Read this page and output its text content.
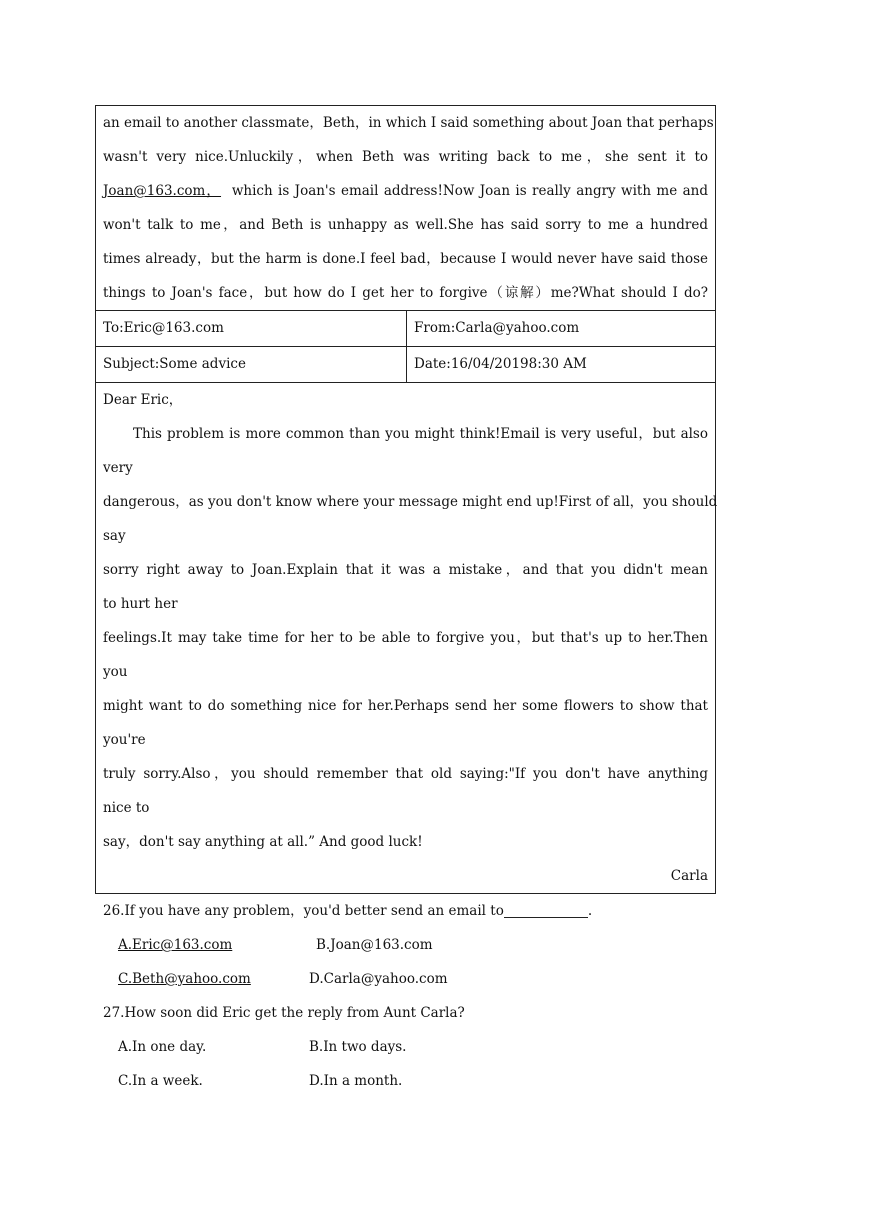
an email to another classmate，Beth，in which I said something about Joan that perhaps
wasn't very nice.Unluckily，when Beth was writing back to me，she sent it to
Joan@163.com， which is Joan's email address!Now Joan is really angry with me and
won't talk to me，and Beth is unhappy as well.She has said sorry to me a hundred
times already，but the harm is done.I feel bad，because I would never have said those
things to Joan's face，but how do I get her to forgive（谅解）me?What should I do?
To:Eric@163.com	From:Carla@yahoo.com
Subject:Some advice	Date:16/04/20198:30 AM
Dear Eric，
This problem is more common than you might think!Email is very useful，but also
very
dangerous，as you don't know where your message might end up!First of all，you should
say
sorry right away to Joan.Explain that it was a mistake，and that you didn't mean
to hurt her
feelings.It may take time for her to be able to forgive you，but that's up to her.Then
you
might want to do something nice for her.Perhaps send her some flowers to show that
you're
truly sorry.Also，you should remember that old saying:"If you don't have anything
nice to
say，don't say anything at all.” And good luck!
Carla
26.If you have any problem，you'd better send an email to	.
A.Eric@163.com	B.Joan@163.com
C.Beth@yahoo.com	D.Carla@yahoo.com
27.How soon did Eric get the reply from Aunt Carla?
A.In one day.	B.In two days.
C.In a week.	D.In a month.
